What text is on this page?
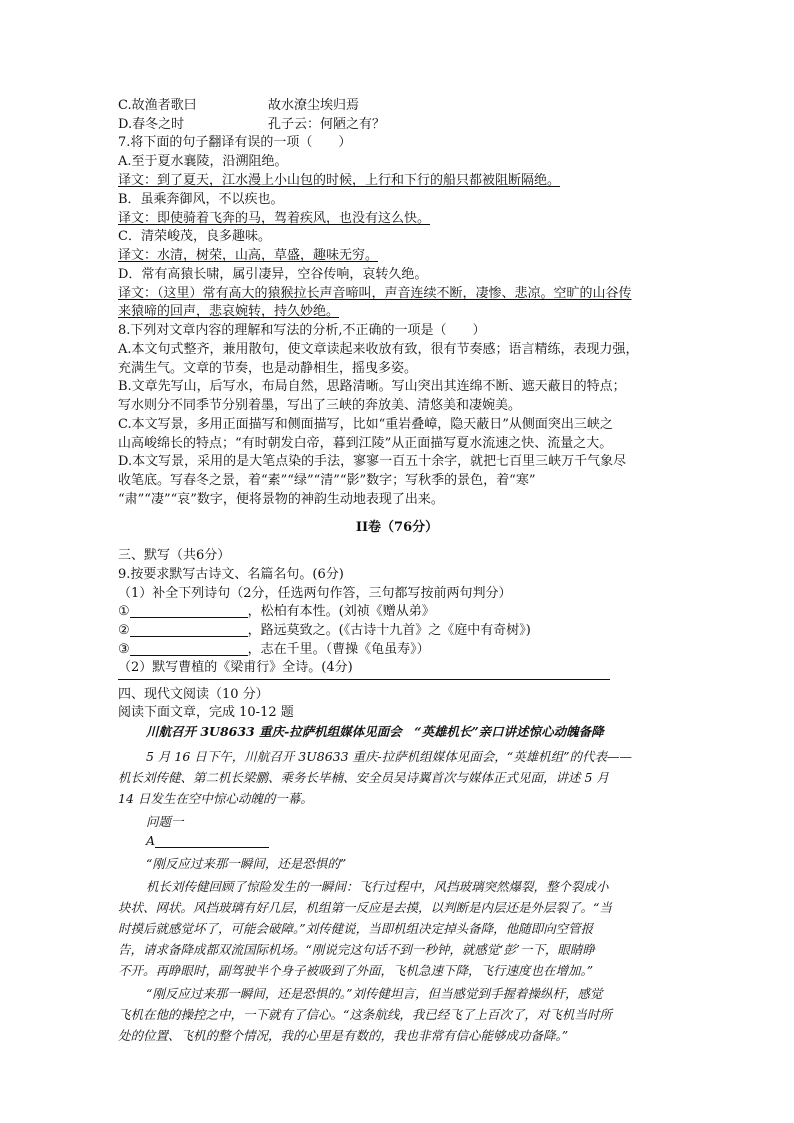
C.故渔者歌曰	故水潦尘埃归焉
D.春冬之时	孔子云：何陋之有？
7.将下面的句子翻译有误的一项（　　）
A.至于夏水襄陵，沿溯阻绝。
译文：到了夏天，江水漫上小山包的时候，上行和下行的船只都被阻断隔绝。
B．虽乘奔御风，不以疾也。
译文：即使骑着飞奔的马，驾着疾风，也没有这么快。
C．清荣峻茂，良多趣味。
译文：水清，树荣，山高，草盛，趣味无穷。
D．常有高猿长啸，属引凄异，空谷传响，哀转久绝。
译文：（这里）常有高大的猿猴拉长声音啼叫，声音连续不断，凄惨、悲凉。空旷的山谷传
来猿啼的回声，悲哀婉转，持久妙绝。
8.下列对文章内容的理解和写法的分析,不正确的一项是（　　）
A.本文句式整齐，兼用散句，使文章读起来收放有致，很有节奏感；语言精练，表现力强，
充满生气。文章的节奏，也是动静相生，摇曳多姿。
B.文章先写山，后写水，布局自然，思路清晰。写山突出其连绵不断、遮天蔽日的特点；
写水则分不同季节分别着墨，写出了三峡的奔放美、清悠美和凄婉美。
C.本文写景，多用正面描写和侧面描写，比如“重岩叠嶂，隐天蔽日”从侧面突出三峡之
山高峻绵长的特点；“有时朝发白帝，暮到江陵”从正面描写夏水流速之快、流量之大。
D.本文写景，采用的是大笔点染的手法，寥寥一百五十余字，就把七百里三峡万千气象尽
收笔底。写春冬之景，着“素”“绿”“清”“影”数字；写秋季的景色，着“寒”
“肃”“凄”“哀”数字，便将景物的神韵生动地表现了出来。
II卷（76分）
三、默写（共6分）
9.按要求默写古诗文、名篇名句。(6分)
（1）补全下列诗句（2分，任选两句作答，三句都写按前两句判分）
①	，松柏有本性。(刘祯《赠从弟》
②	，路远莫致之。(《古诗十九首》之《庭中有奇树》)
③	，志在千里。（曹操《龟虽寿》）
（2）默写曹植的《梁甫行》全诗。(4分)
四、现代文阅读（10 分）
阅读下面文章，完成 10-12 题
川航召开 3U8633 重庆-拉萨机组媒体见面会　“英雄机长”亲口讲述惊心动魄备降
5 月 16 日下午，川航召开 3U8633 重庆-拉萨机组媒体见面会，“英雄机组”的代表——
机长刘传健、第二机长梁鹏、乘务长毕楠、安全员吴诗翼首次与媒体正式见面，讲述 5 月
14 日发生在空中惊心动魄的一幕。
问题一
A
“刚反应过来那一瞬间，还是恐惧的”
机长刘传健回顾了惊险发生的一瞬间：飞行过程中，风挡玻璃突然爆裂，整个裂成小
块状、网状。风挡玻璃有好几层，机组第一反应是去摸，以判断是内层还是外层裂了。“当
时摸后就感觉坏了，可能会破障。”刘传健说，当即机组决定掉头备降，他随即向空管报
告，请求备降成都双流国际机场。“刚说完这句话不到一秒钟，就感觉‘彭’一下，眼睛睁
不开。再睁眼时，副驾驶半个身子被吸到了外面，飞机急速下降，飞行速度也在增加。”
“刚反应过来那一瞬间，还是恐惧的。”刘传健坦言，但当感觉到手握着操纵杆，感觉
飞机在他的操控之中，一下就有了信心。“这条航线，我已经飞了上百次了，对飞机当时所
处的位置、飞机的整个情况，我的心里是有数的，我也非常有信心能够成功备降。”
